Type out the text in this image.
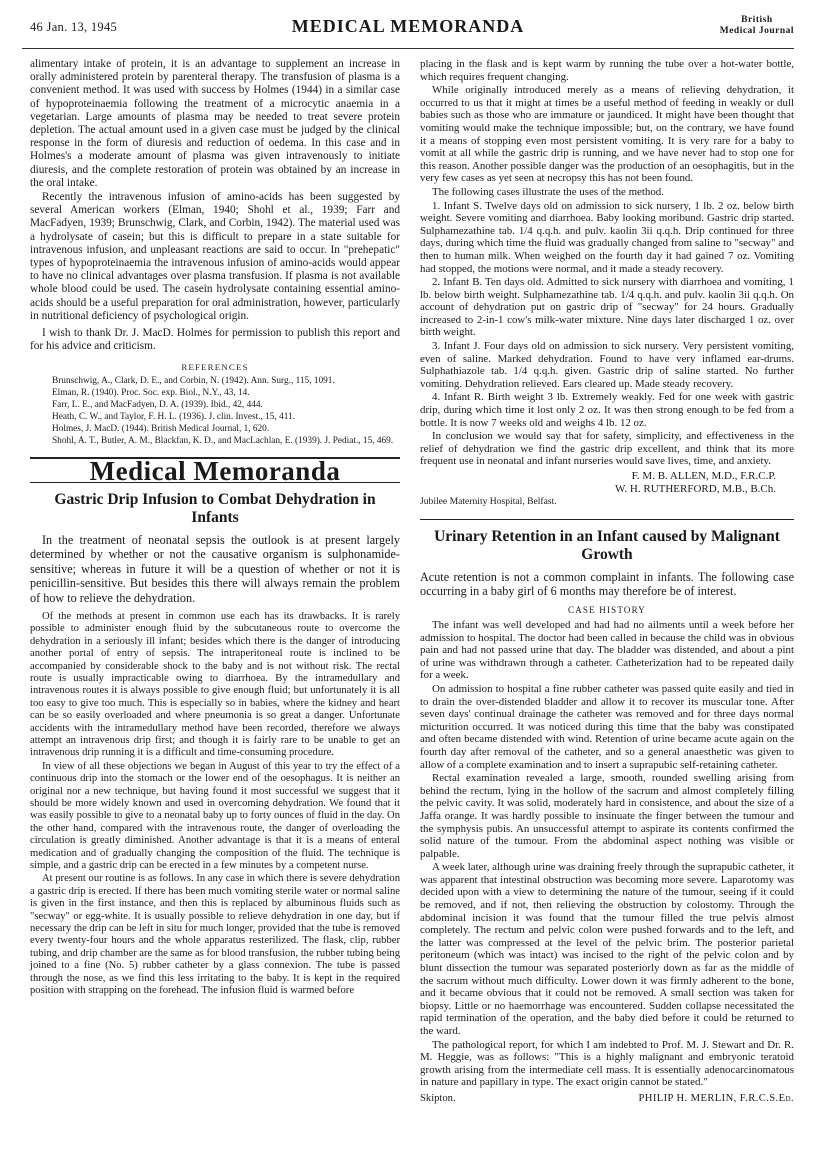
46 Jan. 13, 1945	MEDICAL MEMORANDA	British
Medical Journal

alimentary intake of protein, it is an advantage to supplement an increase in orally administered protein by parenteral therapy. The transfusion of plasma is a convenient method. It was used with success by Holmes (1944) in a similar case of hypoproteinaemia following the treatment of a microcytic anaemia in a vegetarian. Large amounts of plasma may be needed to treat severe protein depletion. The actual amount used in a given case must be judged by the clinical response in the form of diuresis and reduction of oedema. In this case and in Holmes's a moderate amount of plasma was given intravenously to initiate diuresis, and the complete restoration of protein was obtained by an increase in the oral intake.

Recently the intravenous infusion of amino-acids has been suggested by several American workers (Elman, 1940; Shohl et al., 1939; Farr and MacFadyen, 1939; Brunschwig, Clark, and Corbin, 1942). The material used was a hydrolysate of casein; but this is difficult to prepare in a state suitable for intravenous infusion, and unpleasant reactions are said to occur. In "prehepatic" types of hypoproteinaemia the intravenous infusion of amino-acids would appear to have no clinical advantages over plasma transfusion. If plasma is not available whole blood could be used. The casein hydrolysate containing essential amino-acids should be a useful preparation for oral administration, however, particularly in nutritional deficiency of psychological origin.

I wish to thank Dr. J. MacD. Holmes for permission to publish this report and for his advice and criticism.

REFERENCES

Brunschwig, A., Clark, D. E., and Corbin, N. (1942). Ann. Surg., 115, 1091.

Elman, R. (1940). Proc. Soc. exp. Biol., N.Y., 43, 14.

Farr, L. E., and MacFadyen, D. A. (1939). Ibid., 42, 444.

Heath, C. W., and Taylor, F. H. L. (1936). J. clin. Invest., 15, 411.

Holmes, J. MacD. (1944). British Medical Journal, 1, 620.

Shohl, A. T., Butler, A. M., Blackfan, K. D., and MacLachlan, E. (1939). J. Pediat., 15, 469.

Medical Memoranda
Gastric Drip Infusion to Combat Dehydration in Infants

In the treatment of neonatal sepsis the outlook is at present largely determined by whether or not the causative organism is sulphonamide-sensitive; whereas in future it will be a question of whether or not it is penicillin-sensitive. But besides this there will always remain the problem of how to relieve the dehydration.

Of the methods at present in common use each has its drawbacks. It is rarely possible to administer enough fluid by the subcutaneous route to overcome the dehydration in a seriously ill infant; besides which there is the danger of introducing another portal of entry of sepsis. The intraperitoneal route is inclined to be accompanied by considerable shock to the baby and is not without risk. The rectal route is usually impracticable owing to diarrhoea. By the intramedullary and intravenous routes it is always possible to give enough fluid; but unfortunately it is all too easy to give too much. This is especially so in babies, where the kidney and heart can be so easily overloaded and where pneumonia is so great a danger. Unfortunate accidents with the intramedullary method have been recorded, therefore we always attempt an intravenous drip first; and though it is fairly rare to be unable to get an intravenous drip running it is a difficult and time-consuming procedure.

In view of all these objections we began in August of this year to try the effect of a continuous drip into the stomach or the lower end of the oesophagus. It is neither an original nor a new technique, but having found it most successful we suggest that it should be more widely known and used in overcoming dehydration. We found that it was easily possible to give to a neonatal baby up to forty ounces of fluid in the day. On the other hand, compared with the intravenous route, the danger of overloading the circulation is greatly diminished. Another advantage is that it is a means of enteral medication and of gradually changing the composition of the fluid. The technique is simple, and a gastric drip can be erected in a few minutes by a competent nurse.

At present our routine is as follows. In any case in which there is severe dehydration a gastric drip is erected. If there has been much vomiting sterile water or normal saline is given in the first instance, and then this is replaced by albuminous fluids such as "secway" or egg-white. It is usually possible to relieve dehydration in one day, but if necessary the drip can be left in situ for much longer, provided that the tube is removed every twenty-four hours and the whole apparatus resterilized. The flask, clip, rubber tubing, and drip chamber are the same as for blood transfusion, the rubber tubing being joined to a fine (No. 5) rubber catheter by a glass connexion. The tube is passed through the nose, as we find this less irritating to the baby. It is kept in the required position with strapping on the forehead. The infusion fluid is warmed before

placing in the flask and is kept warm by running the tube over a hot-water bottle, which requires frequent changing.

While originally introduced merely as a means of relieving dehydration, it occurred to us that it might at times be a useful method of feeding in weakly or dull babies such as those who are immature or jaundiced. It might have been thought that vomiting would make the technique impossible; but, on the contrary, we have found it a means of stopping even most persistent vomiting. It is very rare for a baby to vomit at all while the gastric drip is running, and we have never had to stop one for this reason. Another possible danger was the production of an oesophagitis, but in the very few cases as yet seen at necropsy this has not been found.

The following cases illustrate the uses of the method.

1. Infant S. Twelve days old on admission to sick nursery, 1 lb. 2 oz. below birth weight. Severe vomiting and diarrhoea. Baby looking moribund. Gastric drip started. Sulphamezathine tab. 1/4 q.q.h. and pulv. kaolin 3ii q.q.h. Drip continued for three days, during which time the fluid was gradually changed from saline to "secway" and then to human milk. When weighed on the fourth day it had gained 7 oz. Vomiting had stopped, the motions were normal, and it made a steady recovery.

2. Infant B. Ten days old. Admitted to sick nursery with diarrhoea and vomiting, 1 lb. below birth weight. Sulphamezathine tab. 1/4 q.q.h. and pulv. kaolin 3ii q.q.h. On account of dehydration put on gastric drip of "secway" for 24 hours. Gradually increased to 2-in-1 cow's milk-water mixture. Nine days later discharged 1 oz. over birth weight.

3. Infant J. Four days old on admission to sick nursery. Very persistent vomiting, even of saline. Marked dehydration. Found to have very inflamed ear-drums. Sulphathiazole tab. 1/4 q.q.h. given. Gastric drip of saline started. No further vomiting. Dehydration relieved. Ears cleared up. Made steady recovery.

4. Infant R. Birth weight 3 lb. Extremely weakly. Fed for one week with gastric drip, during which time it lost only 2 oz. It was then strong enough to be fed from a bottle. It is now 7 weeks old and weighs 4 lb. 12 oz.

In conclusion we would say that for safety, simplicity, and effectiveness in the relief of dehydration we find the gastric drip excellent, and think that its more frequent use in neonatal and infant nurseries would save lives, time, and anxiety.

F. M. B. ALLEN, M.D., F.R.C.P.
W. H. RUTHERFORD, M.B., B.Ch.

Jubilee Maternity Hospital, Belfast.

Urinary Retention in an Infant caused by Malignant Growth

Acute retention is not a common complaint in infants. The following case occurring in a baby girl of 6 months may therefore be of interest.

CASE HISTORY

The infant was well developed and had had no ailments until a week before her admission to hospital. The doctor had been called in because the child was in obvious pain and had not passed urine that day. The bladder was distended, and about a pint of urine was withdrawn through a catheter. Catheterization had to be repeated daily for a week.

On admission to hospital a fine rubber catheter was passed quite easily and tied in to drain the over-distended bladder and allow it to recover its muscular tone. After seven days' continual drainage the catheter was removed and for three days normal micturition occurred. It was noticed during this time that the baby was constipated and often became distended with wind. Retention of urine became acute again on the fourth day after removal of the catheter, and so a general anaesthetic was given to allow of a complete examination and to insert a suprapubic self-retaining catheter.

Rectal examination revealed a large, smooth, rounded swelling arising from behind the rectum, lying in the hollow of the sacrum and almost completely filling the pelvic cavity. It was solid, moderately hard in consistence, and about the size of a Jaffa orange. It was hardly possible to insinuate the finger between the tumour and the symphysis pubis. An unsuccessful attempt to aspirate its contents confirmed the solid nature of the tumour. From the abdominal aspect nothing was visible or palpable.

A week later, although urine was draining freely through the suprapubic catheter, it was apparent that intestinal obstruction was becoming more severe. Laparotomy was decided upon with a view to determining the nature of the tumour, seeing if it could be removed, and if not, then relieving the obstruction by colostomy. Through the abdominal incision it was found that the tumour filled the true pelvis almost completely. The rectum and pelvic colon were pushed forwards and to the left, and the latter was compressed at the level of the pelvic brim. The posterior parietal peritoneum (which was intact) was incised to the right of the pelvic colon and by blunt dissection the tumour was separated posteriorly down as far as the middle of the sacrum without much difficulty. Lower down it was firmly adherent to the bone, and it became obvious that it could not be removed. A small section was taken for biopsy. Little or no haemorrhage was encountered. Sudden collapse necessitated the rapid termination of the operation, and the baby died before it could be returned to the ward.

The pathological report, for which I am indebted to Prof. M. J. Stewart and Dr. R. M. Heggie, was as follows: "This is a highly malignant and embryonic teratoid growth arising from the intermediate cell mass. It is essentially adenocarcinomatous in nature and papillary in type. The exact origin cannot be stated."

Skipton.	PHILIP H. MERLIN, F.R.C.S.Ed.
